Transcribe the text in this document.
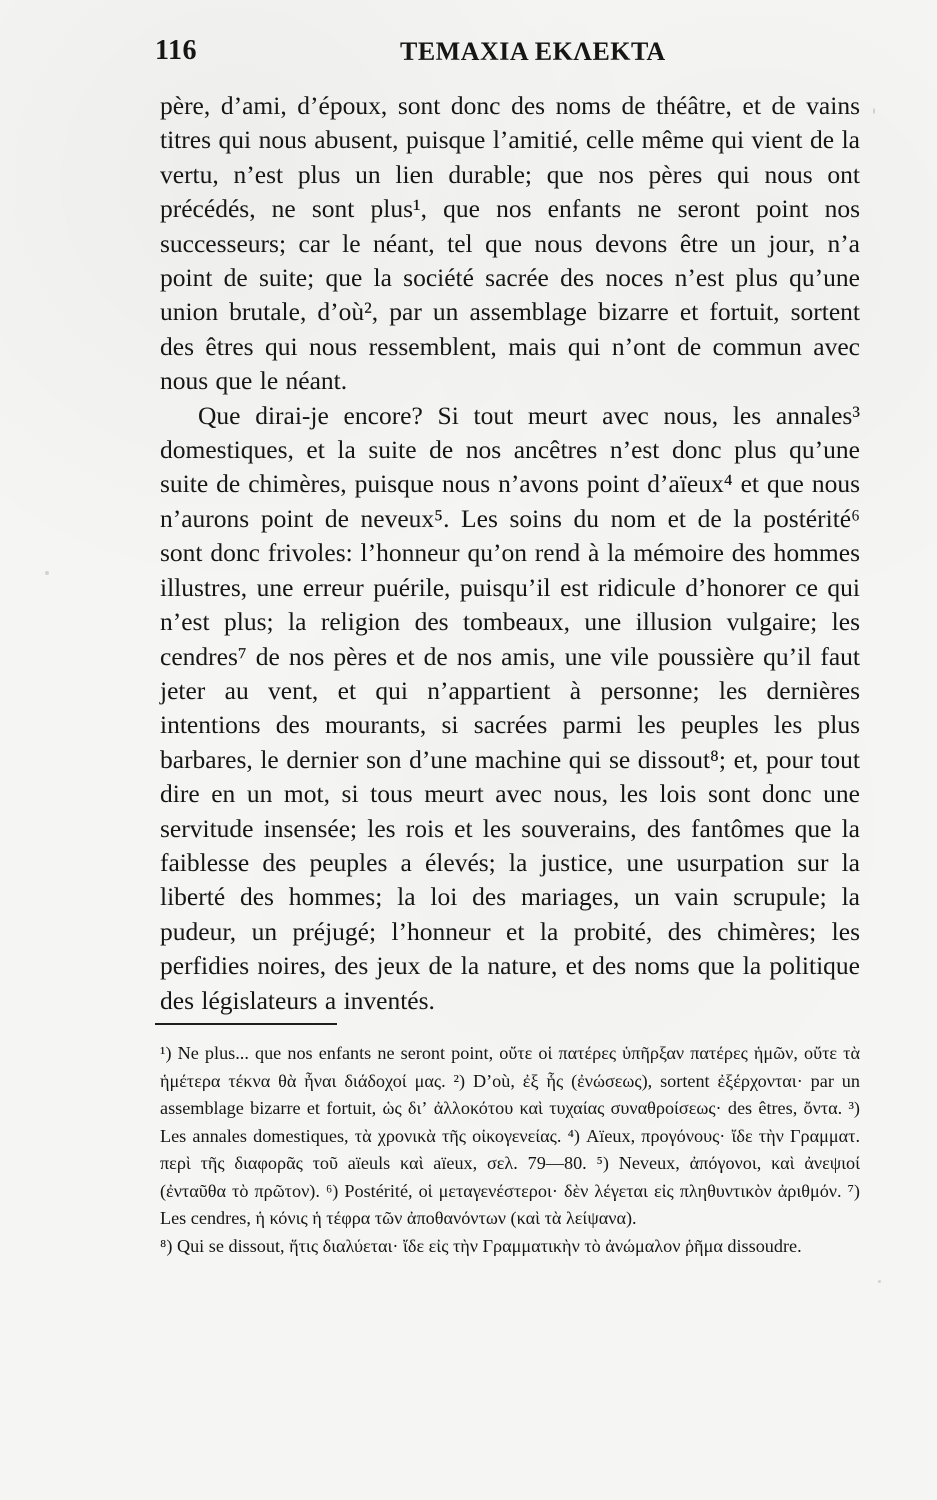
116	ΤΕΜΑΧΙΑ ΕΚΛΕΚΤΑ

père, d’ami, d’époux, sont donc des noms de théâtre, et de vains titres qui nous abusent, puisque l’amitié, celle même qui vient de la vertu, n’est plus un lien durable; que nos pères qui nous ont précédés, ne sont plus¹, que nos enfants ne seront point nos successeurs; car le néant, tel que nous devons être un jour, n’a point de suite; que la société sacrée des noces n’est plus qu’une union brutale, d’où², par un assemblage bizarre et fortuit, sortent des êtres qui nous ressemblent, mais qui n’ont de commun avec nous que le néant.

Que dirai-je encore? Si tout meurt avec nous, les annales³ domestiques, et la suite de nos ancêtres n’est donc plus qu’une suite de chimères, puisque nous n’avons point d’aïeux⁴ et que nous n’aurons point de neveux⁵. Les soins du nom et de la postérité⁶ sont donc frivoles: l’honneur qu’on rend à la mémoire des hommes illustres, une erreur puérile, puisqu’il est ridicule d’honorer ce qui n’est plus; la religion des tombeaux, une illusion vulgaire; les cendres⁷ de nos pères et de nos amis, une vile poussière qu’il faut jeter au vent, et qui n’appartient à personne; les dernières intentions des mourants, si sacrées parmi les peuples les plus barbares, le dernier son d’une machine qui se dissout⁸; et, pour tout dire en un mot, si tous meurt avec nous, les lois sont donc une servitude insensée; les rois et les souverains, des fantômes que la faiblesse des peuples a élevés; la justice, une usurpation sur la liberté des hommes; la loi des mariages, un vain scrupule; la pudeur, un préjugé; l’honneur et la probité, des chimères; les perfidies noires, des jeux de la nature, et des noms que la politique des législateurs a inventés.

¹) Ne plus... que nos enfants ne seront point, οὔτε οἱ πατέρες ὑπῆρξαν πατέρες ἡμῶν, οὔτε τὰ ἡμέτερα τέκνα θὰ ἦναι διάδοχοί μας. ²) D’où, ἐξ ἧς (ἐνώσεως), sortent ἐξέρχονται· par un assemblage bizarre et fortuit, ὡς διʼ ἀλλοκότου καὶ τυχαίας συναθροίσεως· des êtres, ὄντα. ³) Les annales domestiques, τὰ χρονικὰ τῆς οἰκογενείας. ⁴) Aïeux, προγόνους· ἴδε τὴν Γραμματ. περὶ τῆς διαφορᾶς τοῦ aïeuls καὶ aïeux, σελ. 79—80. ⁵) Neveux, ἀπόγονοι, καὶ ἀνεψιοί (ἐνταῦθα τὸ πρῶτον). ⁶) Postérité, οἱ μεταγενέστεροι· δὲν λέγεται εἰς πληθυντικὸν ἀριθμόν. ⁷) Les cendres, ἡ κόνις ἡ τέφρα τῶν ἀποθανόντων (καὶ τὰ λείψανα).

⁸) Qui se dissout, ἥτις διαλύεται· ἴδε εἰς τὴν Γραμματικὴν τὸ ἀνώμαλον ῥῆμα dissoudre.
